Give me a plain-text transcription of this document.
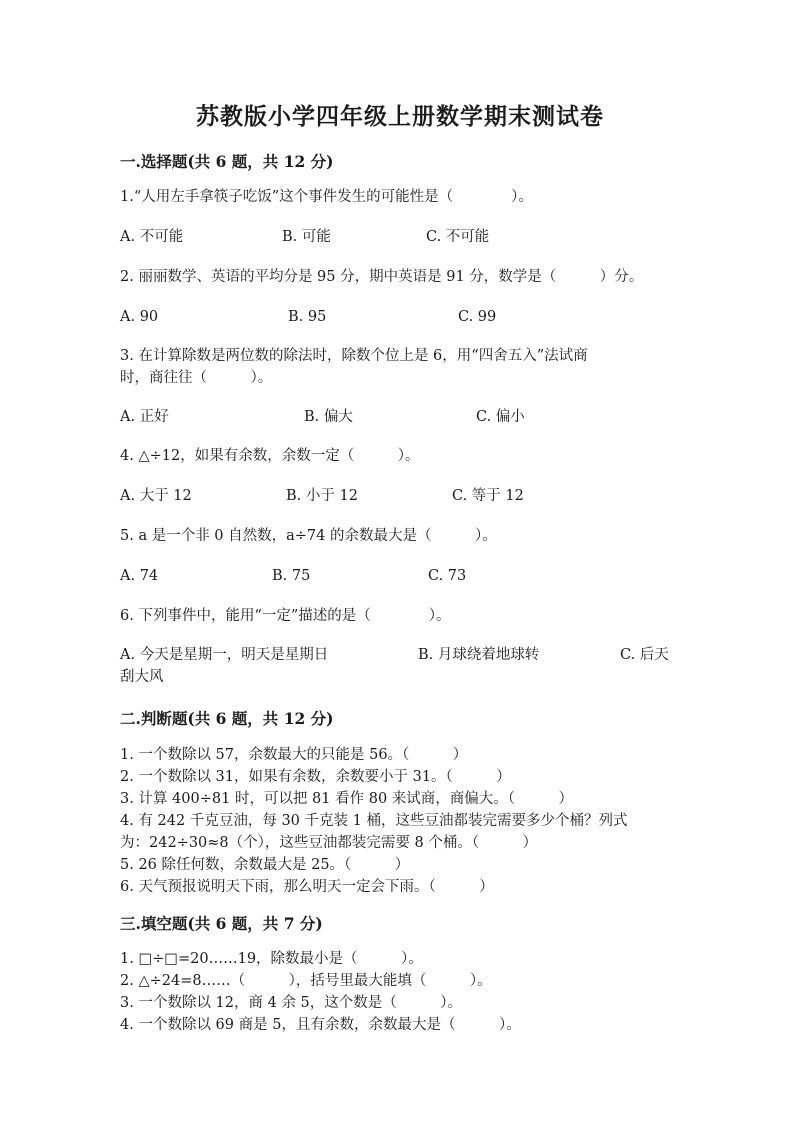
苏教版小学四年级上册数学期末测试卷
一.选择题(共 6 题，共 12 分)
1.“人用左手拿筷子吃饭”这个事件发生的可能性是（　　　　）。
A. 不可能	B. 可能	C. 不可能
2. 丽丽数学、英语的平均分是 95 分，期中英语是 91 分，数学是（　　　）分。
A. 90	B. 95	C. 99
3. 在计算除数是两位数的除法时，除数个位上是 6，用“四舍五入”法试商
时，商往往（　　　）。
A. 正好	B. 偏大	C. 偏小
4. △÷12，如果有余数，余数一定（　　　）。
A. 大于 12	B. 小于 12	C. 等于 12
5. a 是一个非 0 自然数，a÷74 的余数最大是（　　　）。
A. 74	B. 75	C. 73
6. 下列事件中，能用“一定”描述的是（　　　　）。
A. 今天是星期一，明天是星期日	B. 月球绕着地球转	C. 后天
刮大风
二.判断题(共 6 题，共 12 分)
1. 一个数除以 57，余数最大的只能是 56。（　　　）
2. 一个数除以 31，如果有余数，余数要小于 31。（　　　）
3. 计算 400÷81 时，可以把 81 看作 80 来试商，商偏大。（　　　）
4. 有 242 千克豆油，每 30 千克装 1 桶，这些豆油都装完需要多少个桶？列式
为：242÷30≈8（个），这些豆油都装完需要 8 个桶。（　　　）
5. 26 除任何数，余数最大是 25。（　　　）
6. 天气预报说明天下雨，那么明天一定会下雨。（　　　）
三.填空题(共 6 题，共 7 分)
1. □÷□=20……19，除数最小是（　　　）。
2. △÷24=8……（　　　），括号里最大能填（　　　）。
3. 一个数除以 12，商 4 余 5，这个数是（　　　）。
4. 一个数除以 69 商是 5，且有余数，余数最大是（　　　）。
